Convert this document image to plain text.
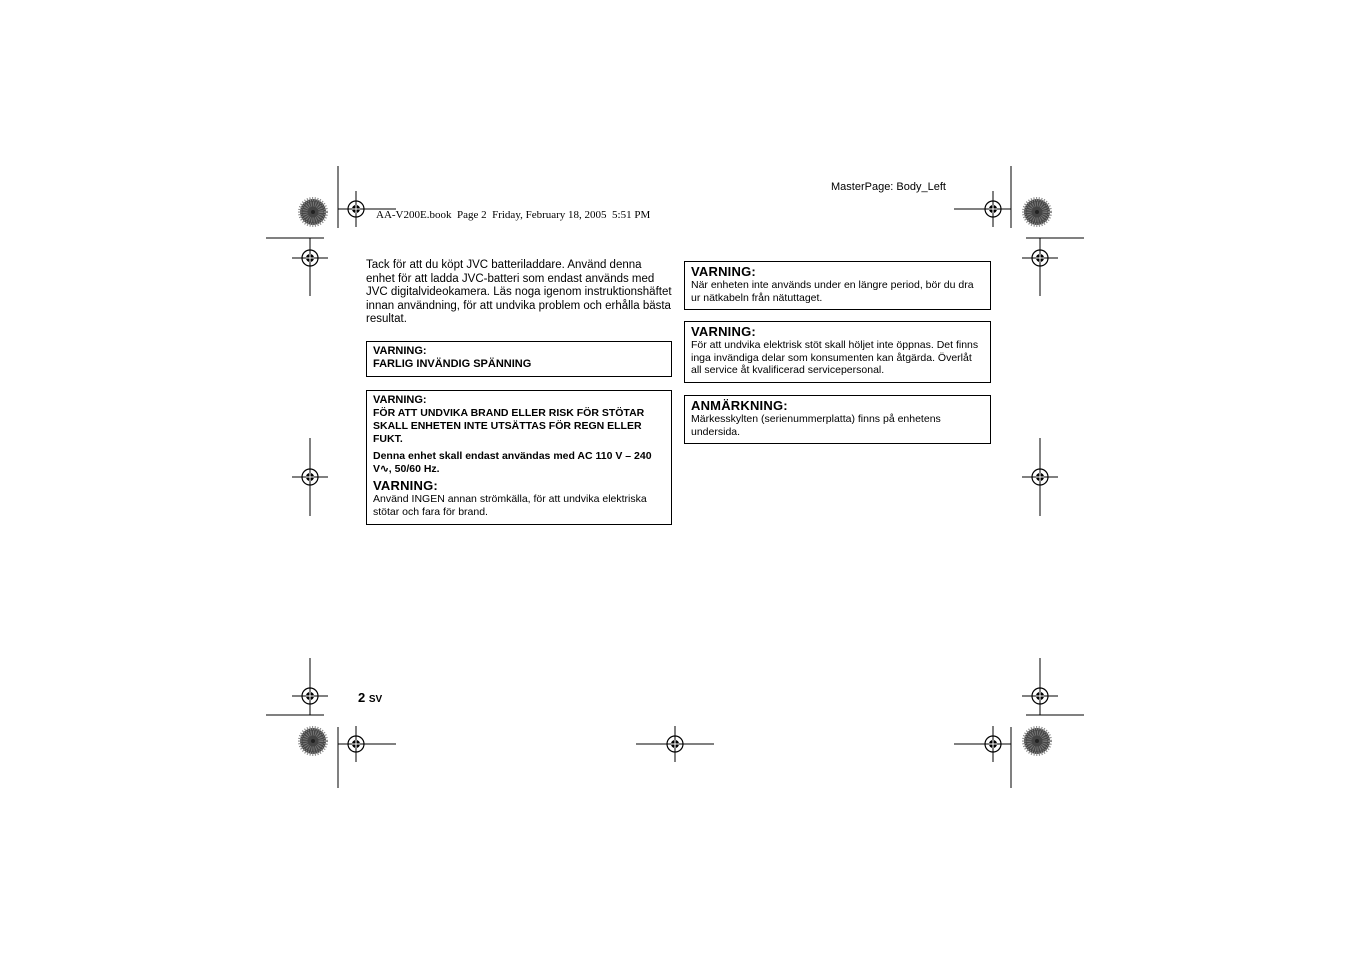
MasterPage: Body_Left
AA-V200E.book  Page 2  Friday, February 18, 2005  5:51 PM
Tack för att du köpt JVC batteriladdare. Använd denna enhet för att ladda JVC-batteri som endast används med JVC digitalvideokamera. Läs noga igenom instruktionshäftet innan användning, för att undvika problem och erhålla bästa resultat.
VARNING:
FARLIG INVÄNDIG SPÄNNING
VARNING:
FÖR ATT UNDVIKA BRAND ELLER RISK FÖR STÖTAR SKALL ENHETEN INTE UTSÄTTAS FÖR REGN ELLER FUKT.
Denna enhet skall endast användas med AC 110 V – 240 V∿, 50/60 Hz.
VARNING:
Använd INGEN annan strömkälla, för att undvika elektriska stötar och fara för brand.
VARNING:
När enheten inte används under en längre period, bör du dra ur nätkabeln från nätuttaget.
VARNING:
För att undvika elektrisk stöt skall höljet inte öppnas. Det finns inga invändiga delar som konsumenten kan åtgärda. Överlåt all service åt kvalificerad servicepersonal.
ANMÄRKNING:
Märkesskylten (serienummerplatta) finns på enhetens undersida.
2 SV
